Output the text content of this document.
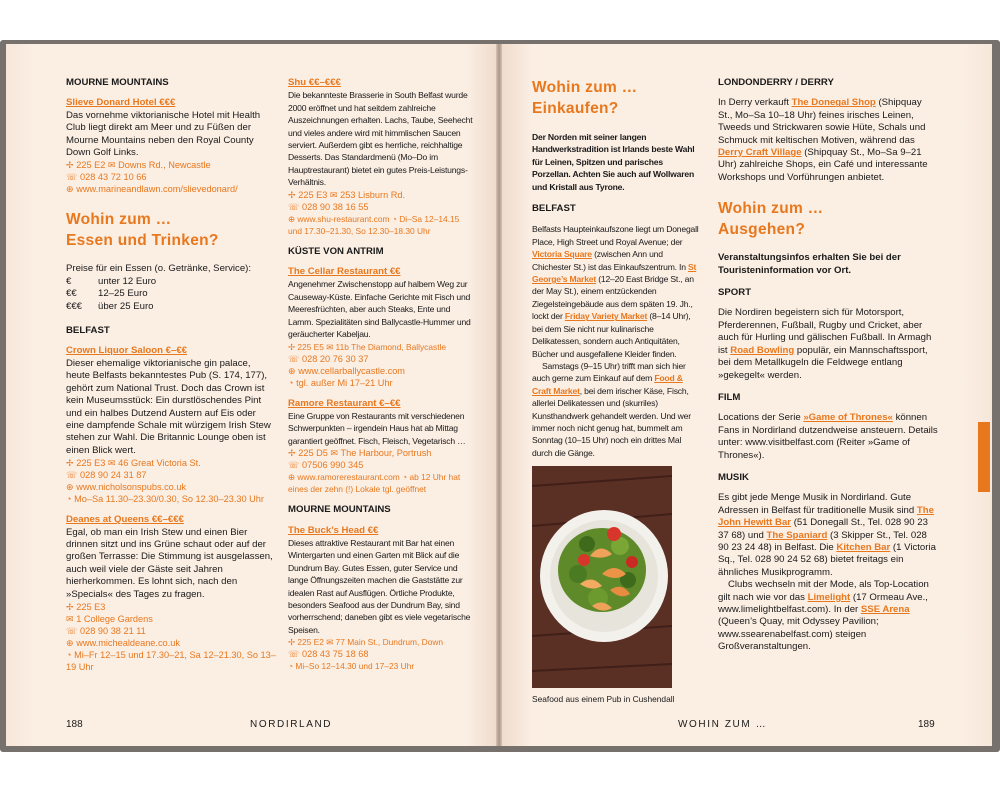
MOURNE MOUNTAINS
Slieve Donard Hotel €€€

Das vornehme viktorianische Hotel mit Health Club liegt direkt am Meer und zu Füßen der Mourne Mountains neben den Royal County Down Golf Links.

✢ 225 E2 ✉ Downs Rd., Newcastle
☏ 028 43 72 10 66
⊕ www.marineandlawn.com/slievedonard/
Wohin zum …
Essen und Trinken?

Preise für ein Essen (o. Getränke, Service):

€	unter 12 Euro
€€	12–25 Euro
€€€	über 25 Euro
BELFAST
Crown Liquor Saloon €–€€

Dieser ehemalige viktorianische gin palace, heute Belfasts bekanntestes Pub (S. 174, 177), gehört zum National Trust. Doch das Crown ist kein Museumsstück: Ein durstlöschendes Pint und ein halbes Dutzend Austern auf Eis oder eine dampfende Schale mit würzigem Irish Stew stehen zur Wahl. Die Britannic Lounge oben ist einen Blick wert.

✢ 225 E3 ✉ 46 Great Victoria St.
☏ 028 90 24 31 87
⊕ www.nicholsonspubs.co.uk
◔ Mo–Sa 11.30–23.30/0.30, So 12.30–23.30 Uhr
Deanes at Queens €€–€€€

Egal, ob man ein Irish Stew und einen Bier drinnen sitzt und ins Grüne schaut oder auf der großen Terrasse: Die Stimmung ist ausgelassen, auch weil viele der Gäste seit Jahren hierherkommen. Es lohnt sich, nach den »Specials« des Tages zu fragen.

✢ 225 E3
✉ 1 College Gardens
☏ 028 90 38 21 11
⊕ www.michealdeane.co.uk
◔ Mi–Fr 12–15 und 17.30–21, Sa 12–21.30, So 13–19 Uhr
Shu €€–€€€

Die bekannteste Brasserie in South Belfast wurde 2000 eröffnet und hat seitdem zahlreiche Auszeichnungen erhalten. Lachs, Taube, Seehecht und vieles andere wird mit himmlischen Saucen serviert. Außerdem gibt es herrliche, reichhaltige Desserts. Das Standardmenü (Mo–Do im Hauptrestaurant) bietet ein gutes Preis-Leistungs-Verhältnis.

✢ 225 E3 ✉ 253 Lisburn Rd.
☏ 028 90 38 16 55
⊕ www.shu-restaurant.com ◔ Di–Sa 12–14.15 und 17.30–21.30, So 12.30–18.30 Uhr
KÜSTE VON ANTRIM
The Cellar Restaurant €€

Angenehmer Zwischenstopp auf halbem Weg zur Causeway-Küste. Einfache Gerichte mit Fisch und Meeresfrüchten, aber auch Steaks, Ente und Lamm. Spezialitäten sind Ballycastle-Hummer und geräucherter Kabeljau.

✢ 225 E5 ✉ 11b The Diamond, Ballycastle
☏ 028 20 76 30 37
⊕ www.cellarballycastle.com
◔ tgl. außer Mi 17–21 Uhr
Ramore Restaurant €–€€

Eine Gruppe von Restaurants mit verschiedenen Schwerpunkten – irgendein Haus hat ab Mittag garantiert geöffnet. Fisch, Fleisch, Vegetarisch …

✢ 225 D5 ✉ The Harbour, Portrush
☏ 07506 990 345
⊕ www.ramorerestaurant.com ◔ ab 12 Uhr hat eines der zehn (!) Lokale tgl. geöffnet
MOURNE MOUNTAINS
The Buck’s Head €€

Dieses attraktive Restaurant mit Bar hat einen Wintergarten und einen Garten mit Blick auf die Dundrum Bay. Gutes Essen, guter Service und lange Öffnungszeiten machen die Gaststätte zur idealen Rast auf Ausflügen. Örtliche Produkte, besonders Seafood aus der Dundrum Bay, sind vorherrschend; daneben gibt es viele vegetarische Speisen.

✢ 225 E2 ✉ 77 Main St., Dundrum, Down
☏ 028 43 75 18 68
◔ Mi–So 12–14.30 und 17–23 Uhr
188	NORDIRLAND
Wohin zum …
Einkaufen?

Der Norden mit seiner langen Handwerkstradition ist Irlands beste Wahl für Leinen, Spitzen und parisches Porzellan. Achten Sie auch auf Wollwaren und Kristall aus Tyrone.

BELFAST

Belfasts Haupteinkaufszone liegt um Donegall Place, High Street und Royal Avenue; der Victoria Square (zwischen Ann und Chichester St.) ist das Einkaufszentrum. In St George’s Market (12–20 East Bridge St., an der May St.), einem entzückenden Ziegelsteingebäude aus dem späten 19. Jh., lockt der Friday Variety Market (8–14 Uhr), bei dem Sie nicht nur kulinarische Delikatessen, sondern auch Antiquitäten, Bücher und ausgefallene Kleider finden.

Samstags (9–15 Uhr) trifft man sich hier auch gerne zum Einkauf auf dem Food & Craft Market, bei dem irischer Käse, Fisch, allerlei Delikatessen und (skurriles) Kunsthandwerk gehandelt werden. Und wer immer noch nicht genug hat, bummelt am Sonntag (10–15 Uhr) noch ein drittes Mal durch die Gänge.

Seafood aus einem Pub in Cushendall
LONDONDERRY / DERRY

In Derry verkauft The Donegal Shop (Shipquay St., Mo–Sa 10–18 Uhr) feines irisches Leinen, Tweeds und Strickwaren sowie Hüte, Schals und Schmuck mit keltischen Motiven, während das Derry Craft Village (Shipquay St., Mo–Sa 9–21 Uhr) zahlreiche Shops, ein Café und interessante Workshops und Vorführungen anbietet.

Wohin zum …
Ausgehen?

Veranstaltungsinfos erhalten Sie bei der Touristeninformation vor Ort.

SPORT

Die Nordiren begeistern sich für Motorsport, Pferderennen, Fußball, Rugby und Cricket, aber auch für Hurling und gälischen Fußball. In Armagh ist Road Bowling populär, ein Mannschaftssport, bei dem Metallkugeln die Feldwege entlang »gekegelt« werden.

FILM

Locations der Serie »Game of Thrones« können Fans in Nordirland dutzendweise ansteuern. Details unter: www.visitbelfast.com (Reiter »Game of Thrones«).

MUSIK

Es gibt jede Menge Musik in Nordirland. Gute Adressen in Belfast für traditionelle Musik sind The John Hewitt Bar (51 Donegall St., Tel. 028 90 23 37 68) und The Spaniard (3 Skipper St., Tel. 028 90 23 24 48) in Belfast. Die Kitchen Bar (1 Victoria Sq., Tel. 028 90 24 52 68) bietet freitags ein ähnliches Musikprogramm.

Clubs wechseln mit der Mode, als Top-Location gilt nach wie vor das Limelight (17 Ormeau Ave., www.limelightbelfast.com). In der SSE Arena (Queen’s Quay, mit Odyssey Pavilion; www.ssearenabelfast.com) steigen Großveranstaltungen.

WOHIN ZUM …	189
